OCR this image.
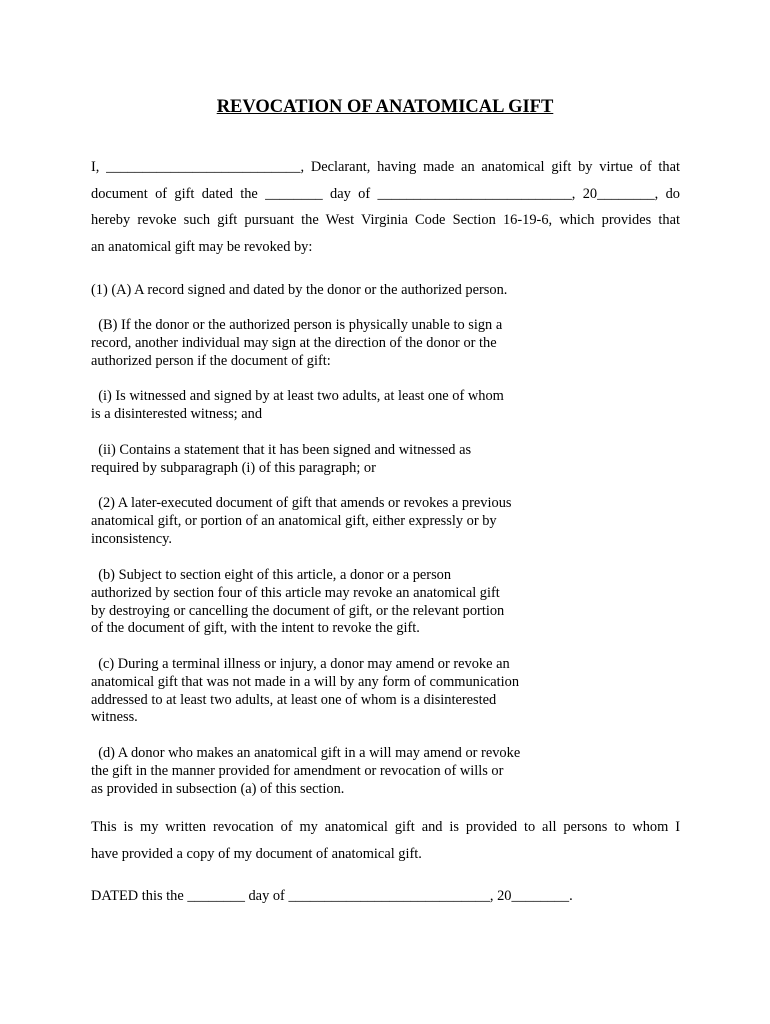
REVOCATION OF ANATOMICAL GIFT
I, ___________________________, Declarant, having made an anatomical gift by virtue of that
document of gift dated the ________ day of ___________________________, 20________, do
hereby revoke such gift pursuant the West Virginia Code Section 16-19-6, which provides that
an anatomical gift may be revoked by:

(1) (A) A record signed and dated by the donor or the authorized person.

(B) If the donor or the authorized person is physically unable to sign a
record, another individual may sign at the direction of the donor or the
authorized person if the document of gift:

(i) Is witnessed and signed by at least two adults, at least one of whom
is a disinterested witness; and

(ii) Contains a statement that it has been signed and witnessed as
required by subparagraph (i) of this paragraph; or

(2) A later-executed document of gift that amends or revokes a previous
anatomical gift, or portion of an anatomical gift, either expressly or by
inconsistency.

(b) Subject to section eight of this article, a donor or a person
authorized by section four of this article may revoke an anatomical gift
by destroying or cancelling the document of gift, or the relevant portion
of the document of gift, with the intent to revoke the gift.

(c) During a terminal illness or injury, a donor may amend or revoke an
anatomical gift that was not made in a will by any form of communication
addressed to at least two adults, at least one of whom is a disinterested
witness.

(d) A donor who makes an anatomical gift in a will may amend or revoke
the gift in the manner provided for amendment or revocation of wills or
as provided in subsection (a) of this section.

This is my written revocation of my anatomical gift and is provided to all persons to whom I
have provided a copy of my document of anatomical gift.

DATED this the ________ day of ____________________________, 20________.
